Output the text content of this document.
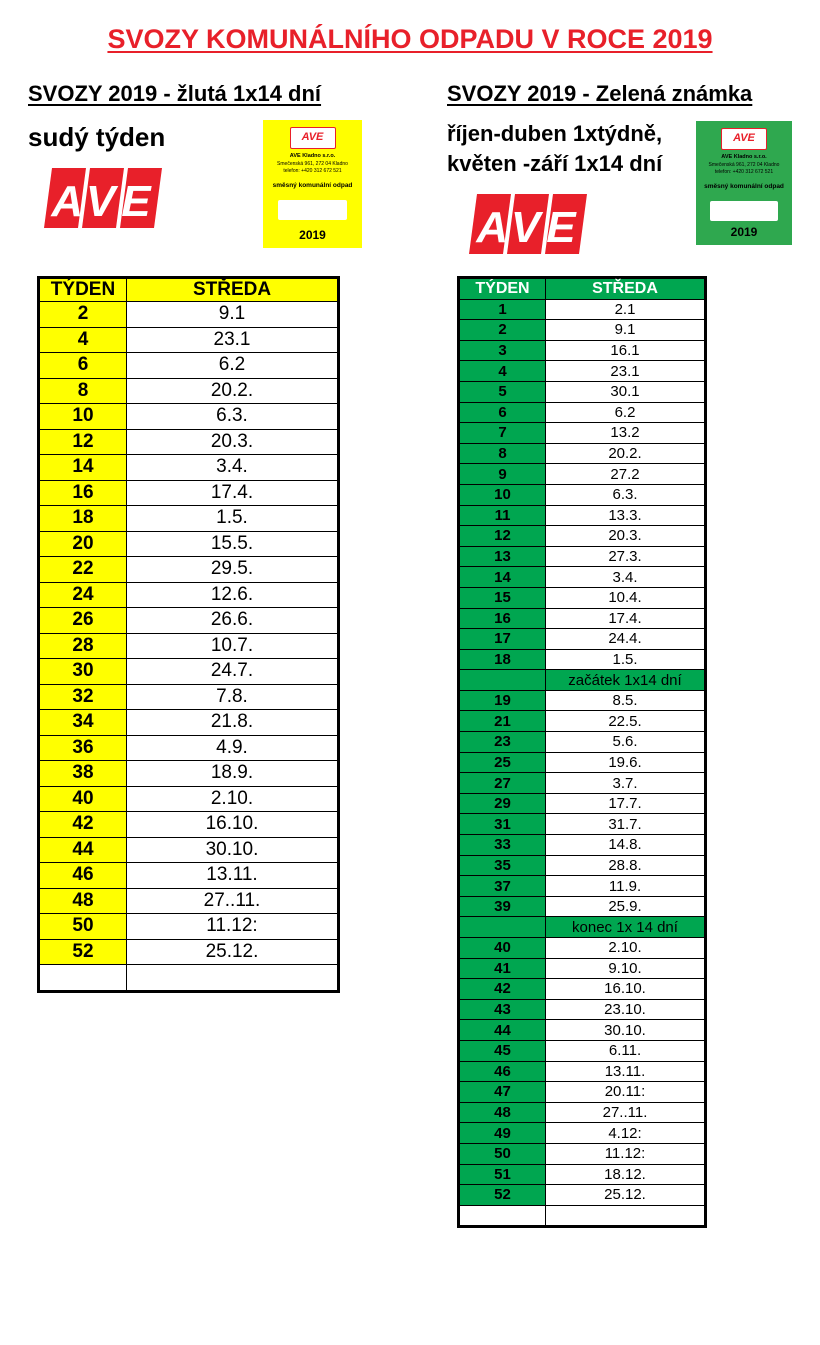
SVOZY KOMUNÁLNÍHO ODPADU V ROCE 2019
SVOZY 2019 - žlutá 1x14 dní
sudý týden
AVE
AVE
AVE Kladno s.r.o.
Smečenská 961, 272 04 Kladno
telefon: +420 312 672 521
směsný komunální odpad
2019
SVOZY 2019 - Zelená známka
říjen-duben 1xtýdně,
květen -září 1x14 dní
AVE
AVE
AVE Kladno s.r.o.
Smečenská 961, 272 04 Kladno
telefon: +420 312 672 521
směsný komunální odpad
2019
TÝDEN	STŘEDA
2	9.1
4	23.1
6	6.2
8	20.2.
10	6.3.
12	20.3.
14	3.4.
16	17.4.
18	1.5.
20	15.5.
22	29.5.
24	12.6.
26	26.6.
28	10.7.
30	24.7.
32	7.8.
34	21.8.
36	4.9.
38	18.9.
40	2.10.
42	16.10.
44	30.10.
46	13.11.
48	27..11.
50	11.12:
52	25.12.

TÝDEN	STŘEDA
1	2.1
2	9.1
3	16.1
4	23.1
5	30.1
6	6.2
7	13.2
8	20.2.
9	27.2
10	6.3.
11	13.3.
12	20.3.
13	27.3.
14	3.4.
15	10.4.
16	17.4.
17	24.4.
18	1.5.
	začátek 1x14 dní
19	8.5.
21	22.5.
23	5.6.
25	19.6.
27	3.7.
29	17.7.
31	31.7.
33	14.8.
35	28.8.
37	11.9.
39	25.9.
	konec 1x 14 dní
40	2.10.
41	9.10.
42	16.10.
43	23.10.
44	30.10.
45	6.11.
46	13.11.
47	20.11:
48	27..11.
49	4.12:
50	11.12:
51	18.12.
52	25.12.
